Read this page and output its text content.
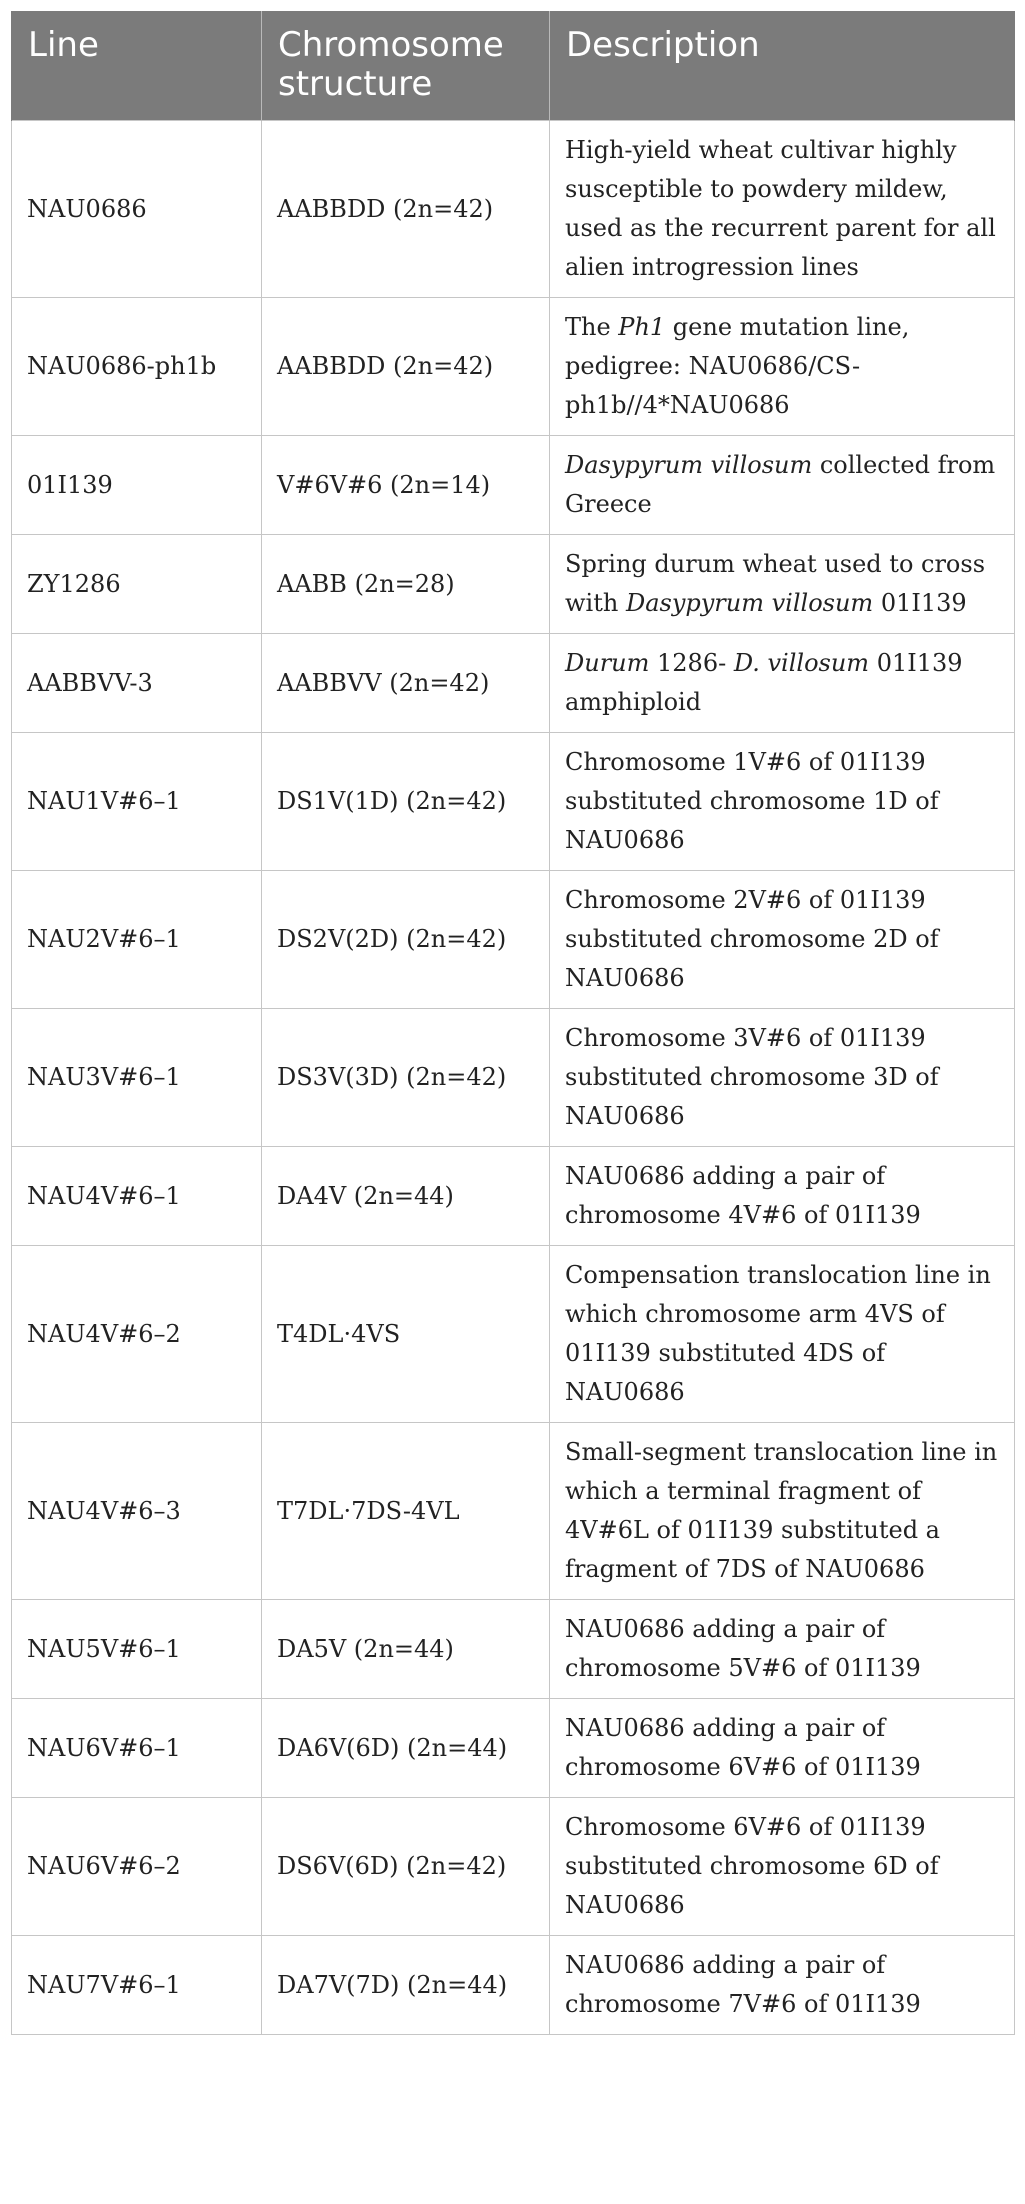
Line	Chromosome structure	Description
NAU0686	AABBDD (2n=42)	High-yield wheat cultivar highly susceptible to powdery mildew, used as the recurrent parent for all alien introgression lines
NAU0686-ph1b	AABBDD (2n=42)	The Ph1 gene mutation line, pedigree: NAU0686/CS-ph1b//4*NAU0686
01I139	V#6V#6 (2n=14)	Dasypyrum villosum collected from Greece
ZY1286	AABB (2n=28)	Spring durum wheat used to cross with Dasypyrum villosum 01I139
AABBVV-3	AABBVV (2n=42)	Durum 1286- D. villosum 01I139 amphiploid
NAU1V#6–1	DS1V(1D) (2n=42)	Chromosome 1V#6 of 01I139 substituted chromosome 1D of NAU0686
NAU2V#6–1	DS2V(2D) (2n=42)	Chromosome 2V#6 of 01I139 substituted chromosome 2D of NAU0686
NAU3V#6–1	DS3V(3D) (2n=42)	Chromosome 3V#6 of 01I139 substituted chromosome 3D of NAU0686
NAU4V#6–1	DA4V (2n=44)	NAU0686 adding a pair of chromosome 4V#6 of 01I139
NAU4V#6–2	T4DL·4VS	Compensation translocation line in which chromosome arm 4VS of 01I139 substituted 4DS of NAU0686
NAU4V#6–3	T7DL·7DS-4VL	Small-segment translocation line in which a terminal fragment of 4V#6L of 01I139 substituted a fragment of 7DS of NAU0686
NAU5V#6–1	DA5V (2n=44)	NAU0686 adding a pair of chromosome 5V#6 of 01I139
NAU6V#6–1	DA6V(6D) (2n=44)	NAU0686 adding a pair of chromosome 6V#6 of 01I139
NAU6V#6–2	DS6V(6D) (2n=42)	Chromosome 6V#6 of 01I139 substituted chromosome 6D of NAU0686
NAU7V#6–1	DA7V(7D) (2n=44)	NAU0686 adding a pair of chromosome 7V#6 of 01I139
